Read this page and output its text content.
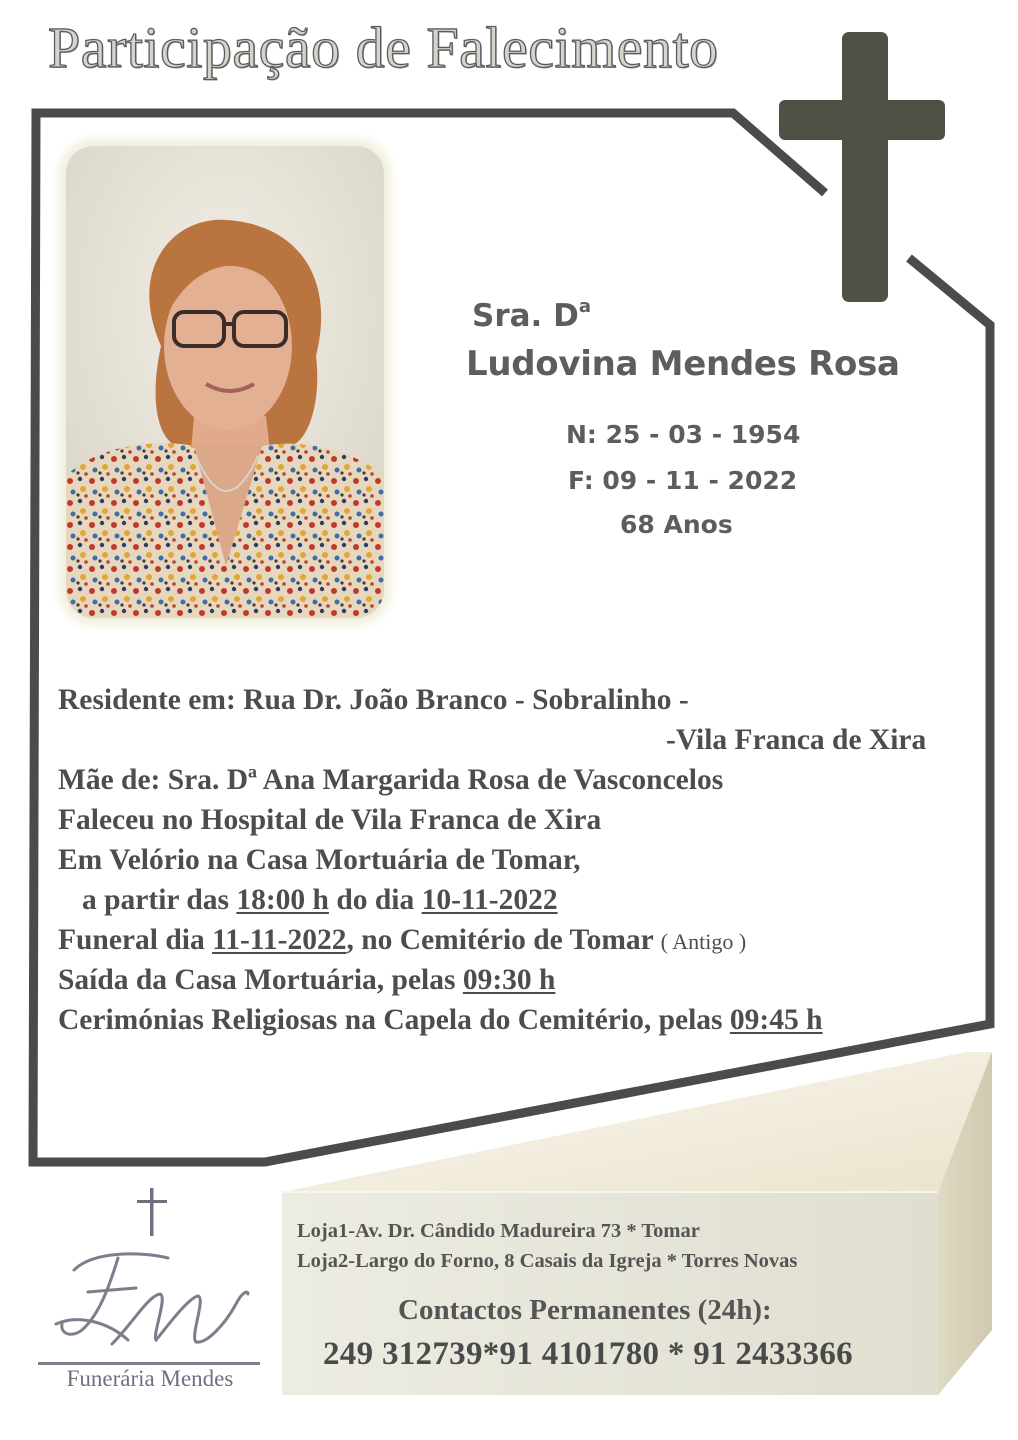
Participação de Falecimento
Sra. $D^a$
Ludovina Mendes Rosa
N: 25 - 03 - 1954
F: 09 - 11 - 2022
68 Anos
Residente em: Rua Dr. João Branco - Sobralinho -
-Vila Franca de Xira
Mãe de: Sra. Dª Ana Margarida Rosa de Vasconcelos
Faleceu no Hospital de Vila Franca de Xira
Em Velório na Casa Mortuária de Tomar,
a partir das 18:00 h do dia 10-11-2022
Funeral dia 11-11-2022, no Cemitério de Tomar ( Antigo )
Saída da Casa Mortuária, pelas 09:30 h
Cerimónias Religiosas na Capela do Cemitério, pelas 09:45 h
Funerária Mendes
Loja1-Av. Dr. Cândido Madureira 73 * Tomar
Loja2-Largo do Forno, 8 Casais da Igreja * Torres Novas
Contactos Permanentes (24h):
249 312739*91 4101780 * 91 2433366
